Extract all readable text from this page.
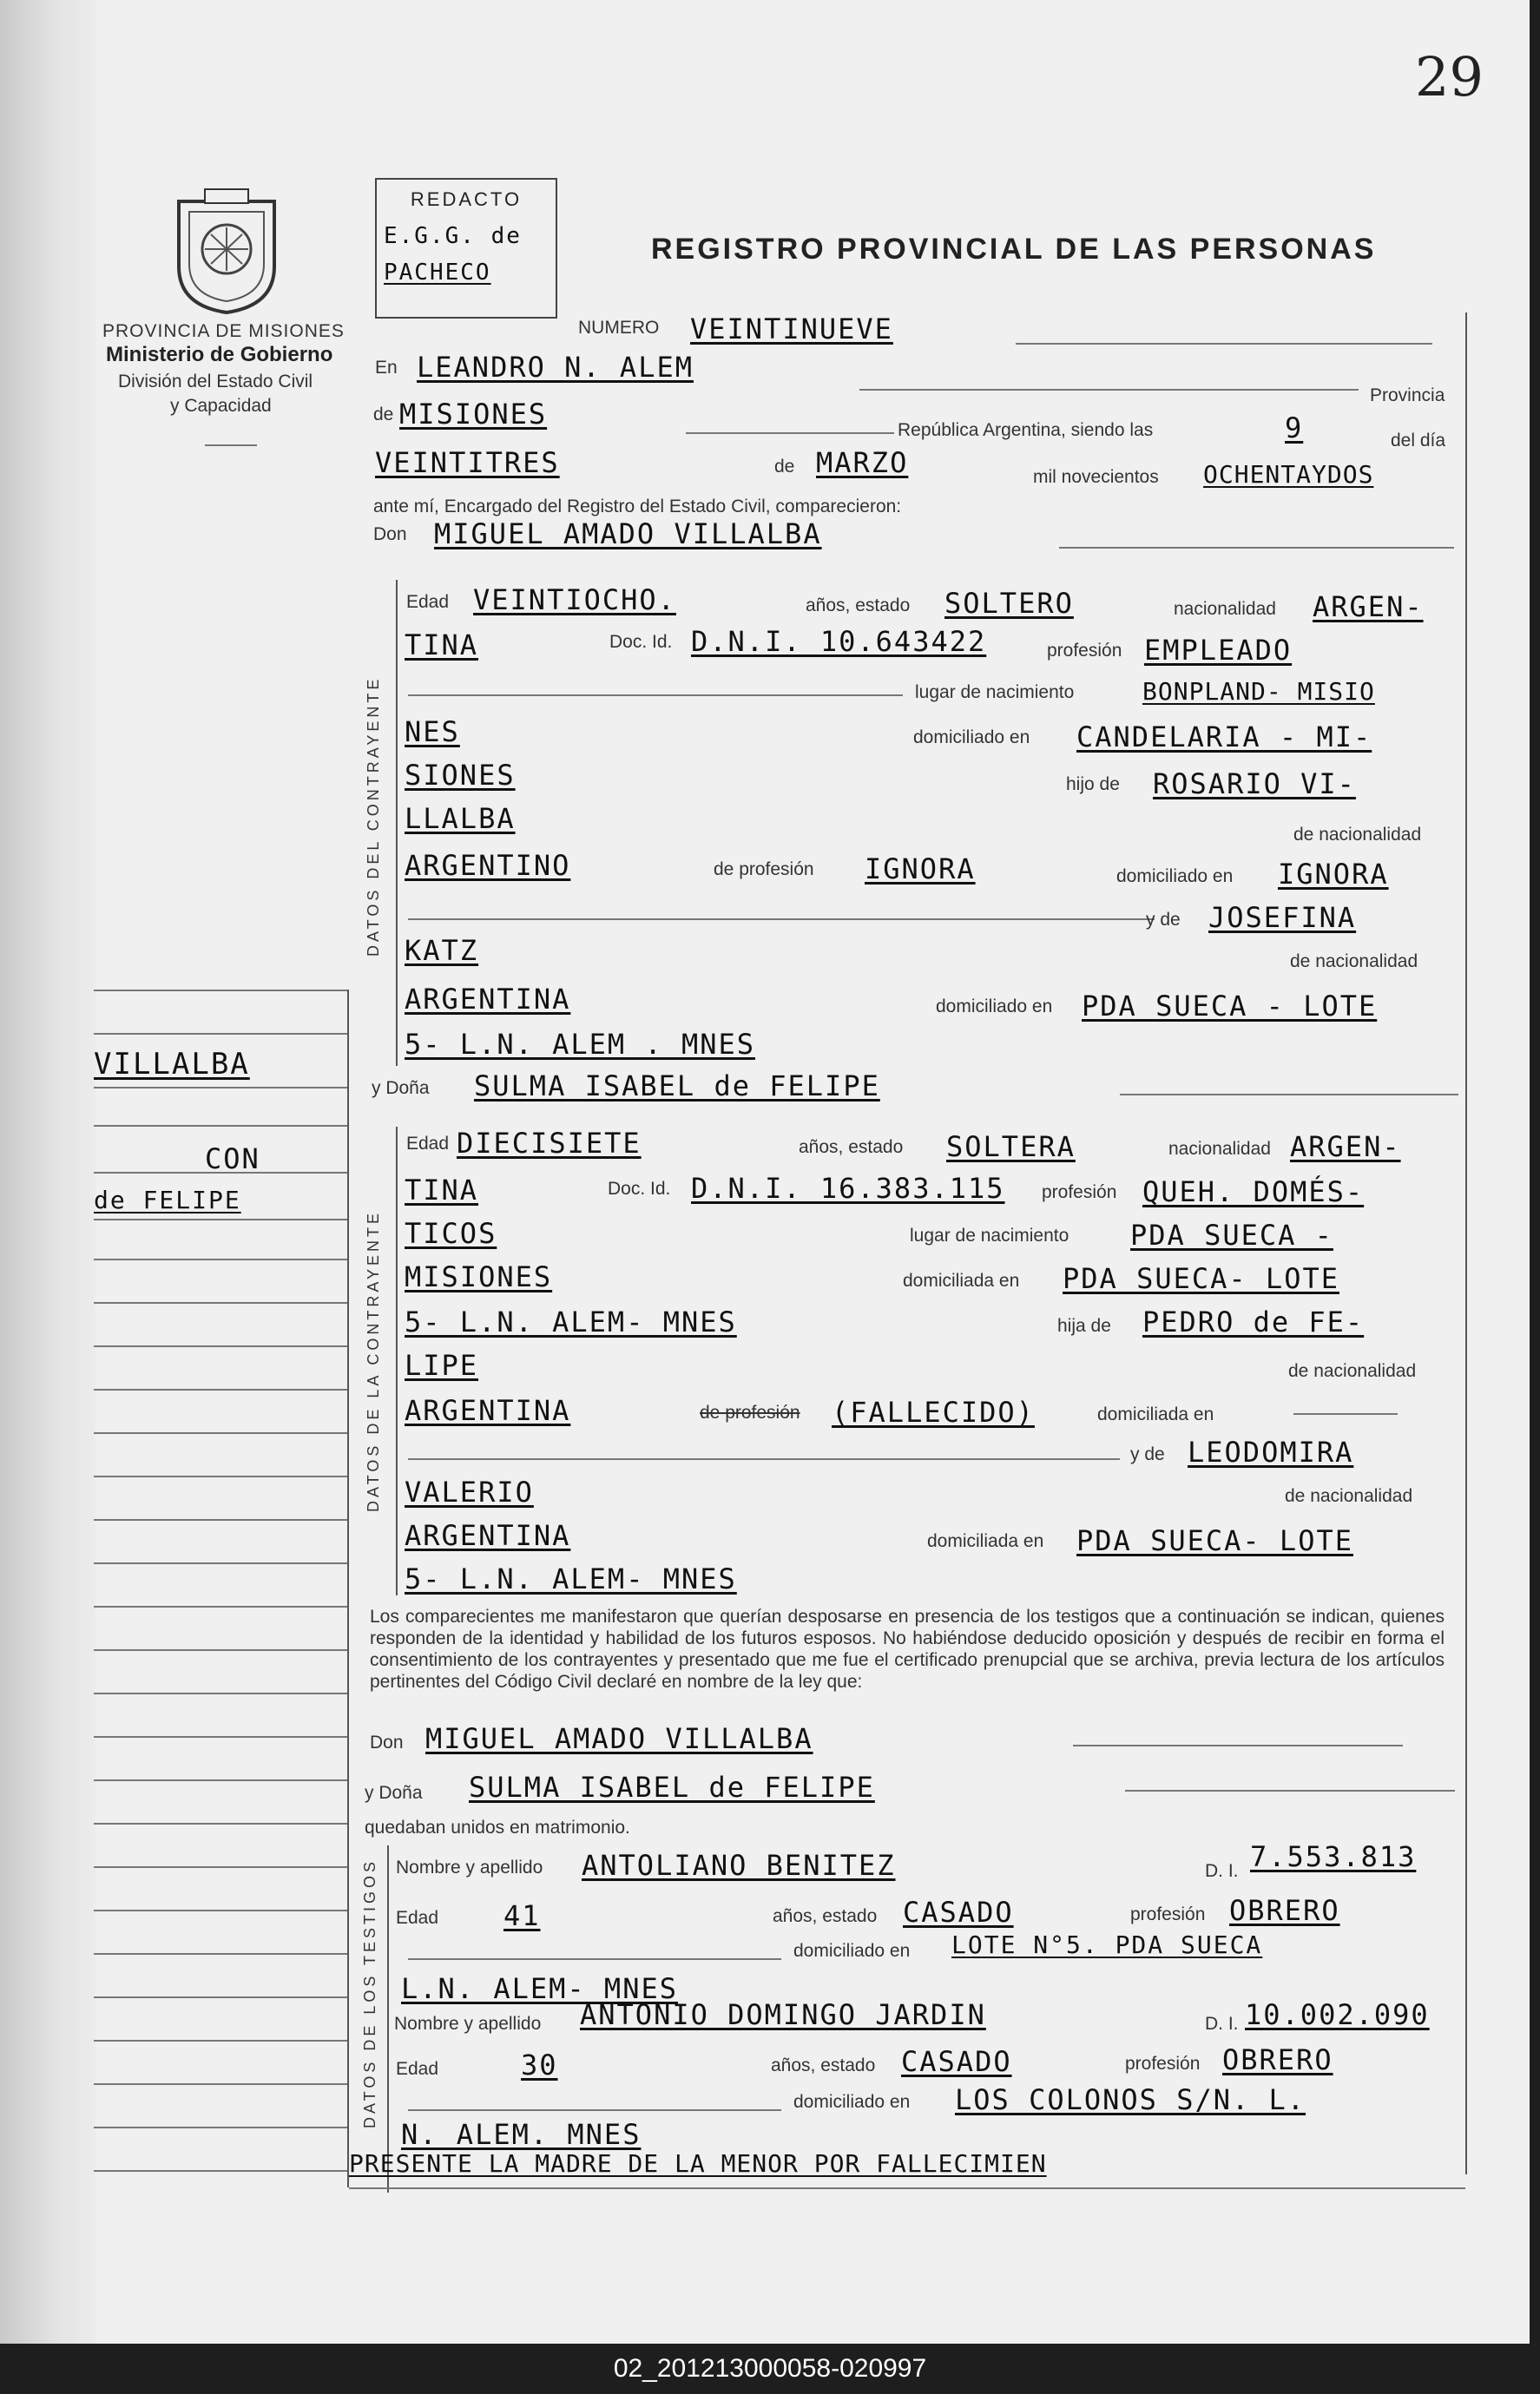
29
PROVINCIA DE MISIONES
Ministerio de Gobierno
División del Estado Civil
y Capacidad
REDACTO
E.G.G. de
PACHECO
REGISTRO PROVINCIAL DE LAS PERSONAS
NUMERO VEINTINUEVE
En LEANDRO N. ALEM
de MISIONES
Provincia
República Argentina, siendo las	9	del día
VEINTITRES	de MARZO	mil novecientos OCHENTAYDOS
ante mí, Encargado del Registro del Estado Civil, comparecieron:
Don MIGUEL AMADO VILLALBA
DATOS DEL CONTRAYENTE
Edad VEINTIOCHO.	años, estado SOLTERO	nacionalidad ARGEN-
TINA	Doc. Id. D.N.I. 10.643422	profesión EMPLEADO
lugar de nacimiento	BONPLAND- MISIO
NES	domiciliado en CANDELARIA - MI-
SIONES	hijo de ROSARIO VI-
LLALBA	de nacionalidad
ARGENTINO	de profesión IGNORA	domiciliado en IGNORA
y de JOSEFINA
KATZ	de nacionalidad
ARGENTINA	domiciliado en PDA SUECA - LOTE
5- L.N. ALEM . MNES
VILLALBA
CON
de FELIPE
y Doña SULMA ISABEL de FELIPE
DATOS DE LA CONTRAYENTE
Edad DIECISIETE	años, estado SOLTERA	nacionalidad ARGEN-
TINA	Doc. Id. D.N.I. 16.383.115 profesión QUEH. DOMÉS-
TICOS	lugar de nacimiento PDA SUECA -
MISIONES	domiciliada en PDA SUECA- LOTE
5- L.N. ALEM- MNES	hija de PEDRO de FE-
LIPE	de nacionalidad
ARGENTINA	de profesión (FALLECIDO)	domiciliada en
y de LEODOMIRA
VALERIO	de nacionalidad
ARGENTINA	domiciliada en PDA SUECA- LOTE
5- L.N. ALEM- MNES
Los comparecientes me manifestaron que querían desposarse en presencia de los testigos que a continuación se indican, quienes responden de la identidad y habilidad de los futuros esposos. No habiéndose deducido oposición y después de recibir en forma el consentimiento de los contrayentes y presentado que me fue el certificado prenupcial que se archiva, previa lectura de los artículos pertinentes del Código Civil declaré en nombre de la ley que:
Don MIGUEL AMADO VILLALBA
y Doña SULMA ISABEL de FELIPE
quedaban unidos en matrimonio.
DATOS DE LOS TESTIGOS Nombre y apellido ANTOLIANO BENITEZ	D. I. 7.553.813
Edad 41	años, estado CASADO	profesión OBRERO
domiciliado en LOTE N°5. PDA SUECA
L.N. ALEM- MNES
Nombre y apellido ANTONIO DOMINGO JARDIN	D. I. 10.002.090
Edad	30	años, estado CASADO	profesión OBRERO
domiciliado en LOS COLONOS S/N. L.
N. ALEM. MNES
PRESENTE LA MADRE DE LA MENOR POR FALLECIMIEN
02_201213000058-020997
